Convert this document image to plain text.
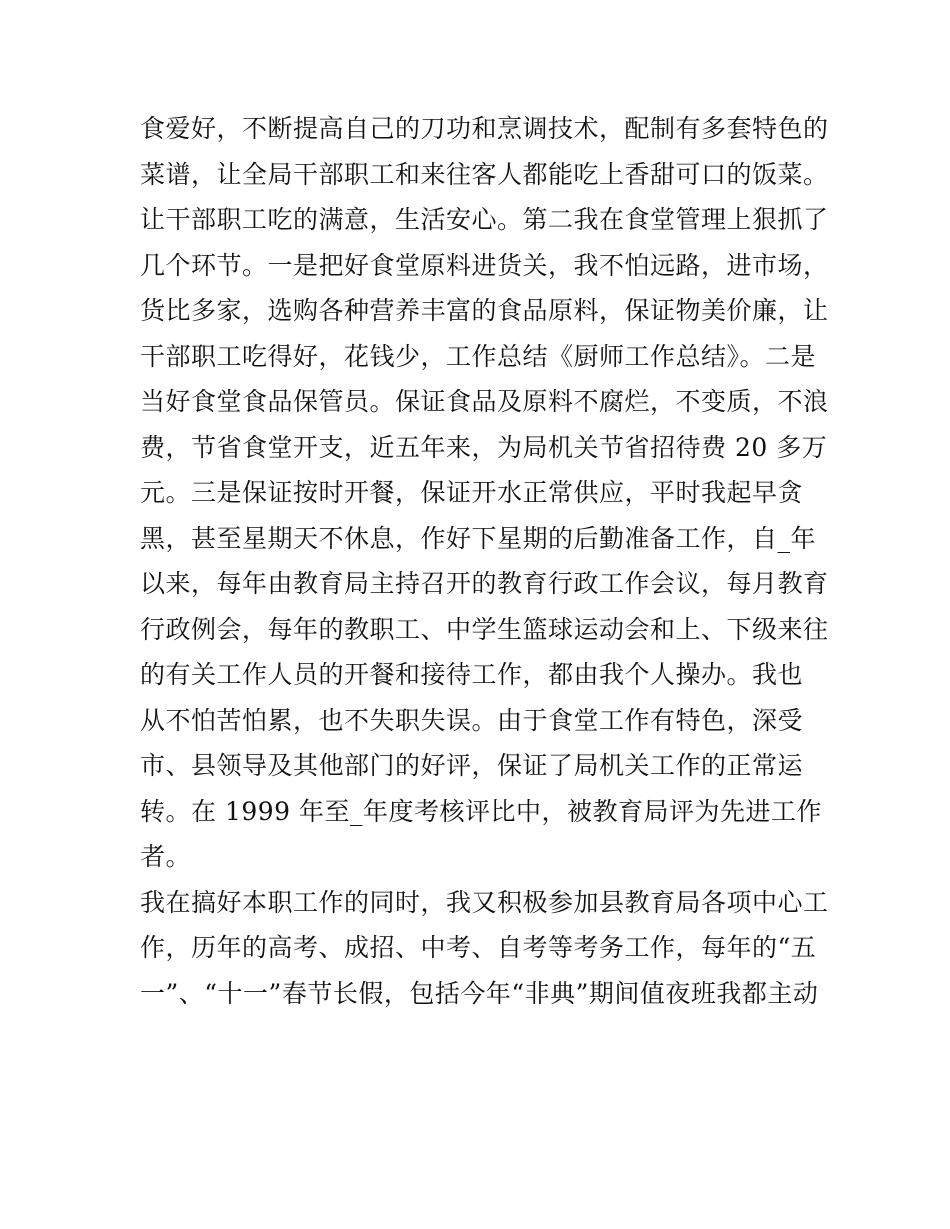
食爱好，不断提高自己的刀功和烹调技术，配制有多套特色的
菜谱，让全局干部职工和来往客人都能吃上香甜可口的饭菜。
让干部职工吃的满意，生活安心。第二我在食堂管理上狠抓了
几个环节。一是把好食堂原料进货关，我不怕远路，进市场，
货比多家，选购各种营养丰富的食品原料，保证物美价廉，让
干部职工吃得好，花钱少，工作总结《厨师工作总结》。二是
当好食堂食品保管员。保证食品及原料不腐烂，不变质，不浪
费，节省食堂开支，近五年来，为局机关节省招待费 20 多万
元。三是保证按时开餐，保证开水正常供应，平时我起早贪
黑，甚至星期天不休息，作好下星期的后勤准备工作，自_年
以来，每年由教育局主持召开的教育行政工作会议，每月教育
行政例会，每年的教职工、中学生篮球运动会和上、下级来往
的有关工作人员的开餐和接待工作，都由我个人操办。我也
从不怕苦怕累，也不失职失误。由于食堂工作有特色，深受
市、县领导及其他部门的好评，保证了局机关工作的正常运
转。在 1999 年至_年度考核评比中，被教育局评为先进工作
者。
我在搞好本职工作的同时，我又积极参加县教育局各项中心工
作，历年的高考、成招、中考、自考等考务工作，每年的“五
一”、“十一”春节长假，包括今年“非典”期间值夜班我都主动
